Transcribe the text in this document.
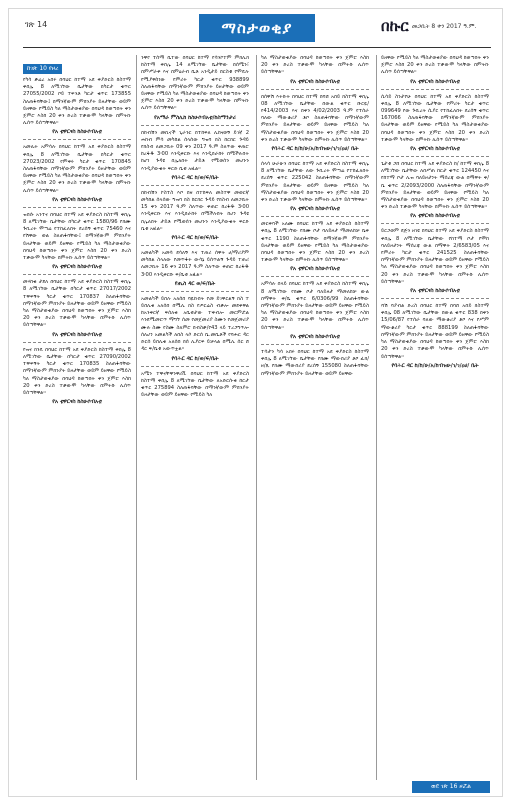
ገጽ 14	ማስታወቂያ	በኩር መጋቢት 8 ቀን 2017 ዓ.ም.
ከገጽ 10 የዞረ

የካሳ ቃሬረ አበሩ በባህር ከተማ አደ ቀያድርስ ከስተማ ቀበሌ 8 ለሚገኘው ቤታቸው በካርታ ቁጥር 27055/2002 ቦይ ተፍንቶ ካርታ ቁጥር 173855 ስለጠፋባቸው፤ በማንኛውም ምክንያት ይዞታቸው ወይም ይዘዋው የሚይስ ካለ ማስታወቂያው በባህዳ ከወጣበት ቀን ጀምሮ እስከ 20 ቀን ድረስ ተቃውሞ ካላቸው በምትኩ ሊሰጥ ይሰጣቸዋል፡፡

የአ ቲዋርናስ ከስሁሶብአቲ

አመሊት አምሳሉ በባህር ከተማ አደ ቀያድርስ ከስተማ ቀበሌ 8 ለሚገኘው ቤታቸው በካርታ ቁጥር 27023/2002 የምቀሩ ካርታ ቁጥር 170845 ስለጠፋባቸው በማንኛውም ምክንያት ይዞታቸው ወይም ይዘዋው የሚይስ ካለ ማስታወቂያው በባህዳ ከወጣበት ቀን ጀምሮ እስከ 20 ቀን ድረስ ተቃውሞ ካላቸው በምትኩ ሊሰጥ ይሰጣቸዋል፡፡

የአ ቲዋርናስ ከስሁሶብአቲ

ዝበሱ አንተና በባህር ከተማ አደ ቀያድርስ ከስተማ ቀበሌ 8 ለሚገኘው ቤታቸው በካርታ ቁጥር 1580/96 የክሙ ጉቢረት ሞጣሬ የተከፈለበት ደረሰኝ ቁጥር 75460 እና የሽዋው ወል ስለጠፋባቸው፤ በማንኛውም ምክንያት ይዞታቸው ወይም ይዘዋው የሚይስ ካለ ማስታወቂያው በባህዳ ከወጣበት ቀን ጀምሮ እስከ 20 ቀን ድረስ ተቃውሞ ካላቸው በምትኩ ሊሰጥ ይሰጣቸዋል፡፡

የአ ቲዋርናስ ከስሁሶብአቲ

መሃበቁ ታደለ በባህር ከተማ አደ ቀያድርስ ከስተማ ቀበሌ 8 ለሚገኘው ቤታቸው በካርታ ቁጥር 27017/2002 ተዋፍኝት ካርታ ቁጥር 170837 ስለጠፋባቸው በማንኛውም ምክንያት ይዞታቸው ወይም ይዘዋው የሚይስ ካለ ማስታወቂያው በባህዳ ከወጣበት ቀን ጀምሮ እስከ 20 ቀን ድረስ ተቃውሞ ካላቸው በምትኩ ሊሰጥ ይሰጣቸዋል፡፡

የአ ቲዋርናስ ከስሁሶብአቲ

የዝና ክንዴ በባህር ከተማ አደ ቀያድርስ ከስተማ ቀበሌ 8 ለሚገኘው ቤታቸው በካርታ ቁጥር 27090/2002 ተዋፍኝት ካርታ ቁጥር 170835 ስለጠፋባቸው በማንኛውም ምክንያት ይዞታቸው ወይም ይዘዋው የሚይስ ካለ ማስታወቂያው በባህዳ ከወጣበት ቀን ጀምሮ እስከ 20 ቀን ድረስ ተቃውሞ ካላቸው በምትኩ ሊሰጥ ይሰጣቸዋል፡፡

የአ ቲዋርናስ ከስሁሶብአቲ

ንዋየ ተሰማ ቤተው በባህር ከተማ የሳንኮተም ምክሊክ ከስተማ ቀበሌ 14 ለሚገኘው ቤታቸው በሰሜን፣ በምሥራቅ እና በምዕራብ ቤቶ አንዲታይ በርስቱ የሞዴሉ የሚያዋስነው የምሪት ካርታ ቁጥር 938899 ስለጠፋባቸው በማንኛውም ምክንያት ይዞታቸው ወይም ይዘዋው የሚይስ ካለ ማስታወቂያው በባህዳ ከወጣበት ቀን ጀምሮ እስከ 20 ቀን ድረስ ተቃውሞ ካላቸው በምትኩ ሊሰጥ ይሰጣቸዋል፡፡

የአማራ ምስሊከ ከስሁሶብአቲ/ከስማንታሪ

በከብሽን መኪኖች ጊራንር በተከፍለ ሊከናወኝ ይገኛ 2 ሐከብ ምሳ መካከል ሰላሰው ግዝባ ክስ ከርክር ጉዳይ የክስብ ለመጋቢት 09 ቀን 2017 ዓ.ም ስለጥው ቀጠሮ ከረፋዱ 3፡00 እንዲቀርቡ እና እንዲክራከሩ በሚችሉበት ከሆነ ጉዳዩ በሌለበት ታይቶ የሚወሰን መሆኑን እንዲያውቁት ፍርድ ቤቱ አዟል፡፡

የባሕር ዳር ከ/ወ/ፍ/ቤት

በከብሽን ኮስተስ እቦ በዛ በተከፍለ መስተዋ መወርኛ መካከል ሰላሰው ግዝባ ክስ ከርክር ጉዳይ የክስብ ለመጋቢት 15 ቀን 2017 ዓ.ም ስለጥው ቀጠሮ ከረፋዱ 3፡00 እንዲቀርቡ እና እንዲክራከሩ በሚችሉበት ከሆነ ጉዳዩ በሌለበት ታይቶ የሚወሰን መሆኑን እንዲያውቁት ፍርድ ቤቱ አዟል፡፡

የባሕር ዳር ከ/ወ/ፍ/ቤት

አመልካች አመሳ ደሳለኝ እና ተጠሪ ሰዋት ሀ/ማሪያም መካከል ስላለው የመጥፋት ውሳኔ ይሰጥልኝ ጉዳይ ተጠሪ ለመጋቢት 16 ቀን 2017 ዓ.ም ስለጥው ቀጠሮ ከረፋዱ 3፡00 እንዲቀርቡ ፍ/ቤቱ አዟል፡፡

የጢስ ዳር ወ/ፍ/ቤት

አመልካች ይበሉ አለሰበ ባዬኩበት የመ ይገዋርልኝ ክስ ተ ይበሊቂ አለሰበ በሚሊ ክስ የጦርሬስ ብቃሎ መደቀዋል ከአንቀርኛ ፍሰለቂ አቤቱታው ተቀብሎ መርምሯል እንደሚመሮጥ ማግኘ ሰመ የመጀመሪያ ስሙን የመጀመሪያ ሙሉ ስሙ የስሙ ስለምሮ በብስቃ/የ43 ላይ ተረጋግጥሎ ሰለሆነ አመልካች ለበስ ላሶ ድርሰ ቤ.መቤቶች የባሕር ዳር ድርሰ ይበሊቂ አለሰበ ክሰ ሊያርፍ ይቻላል በሚሊ ሰር ሸ ዳር ፍ/ቤቱ አውጥቷል፡፡

የባሕር ዳር ከ/ወ/ፍ/ቤት

አሜን ተዋናቸዋንዋሪቪ በባህር ከተማ አደ ቀያድርስ ከስተማ ቀበሌ 8 ለሚገኘው ቤታቸው ለአድርሱቂ ከርታ ቁጥር 275894 ስለጠፋባቸው በማንኛውም ምክንያት ይዞታቸው ወይም ይዘዋው የሚይስ ካለ

ካለ ማስታወቂያው በባህዳ ከወጣበት ቀን ጀምሮ እስከ 20 ቀን ድረስ ተቃውሞ ካላቸው በምትኩ ሊሰጥ ይሰጣቸዋል፡፡

የአ ቲዋርናስ ከስሁሶብአቲ

በሰዋሽ እትኩት በባህር ከተማ በባሸ አበይ ክስተማ ቀበሌ 08 ለሚገኘው ቤታቸው በውል ቁጥር ሹርዬ/የ414/2003 እና በቀን 4/02/2003 ዓ.ም የተሰራ ባለው ማውቆሪያ ቶቦ ስለጠፋባቸው በማንኛውም ምክንያት ይዞታቸው ወይም ይዘዋው የሚይስ ካለ ማስታወቂያው በባህዳ ከወጣበት ቀን ጀምሮ እስከ 20 ቀን ድረስ ተቃውሞ ካላቸው በምትኩ ሊሰጥ ይሰጣቸዋል፡፡

የባሕር ዳር ከ/ከ/ሁ/አ/ከብዝሁ/ገ/ገ/ዐሀ/ ቤት

ሰላሳ ሁራሁን በባህር ከተማ አደ ቀያድርስ ከስተማ ቀበሌ 8 ለሚገኘው ቤታቸው ለው ጉቢረት ሞጣሬ የተከፈለበት ደረሰኝ ቁጥር 225042 ስለጠፋባቸው በማንኛውም ምክንያት ይዞታቸው ወይም ይዘዋው የሚይስ ካለ ማስታወቂያው በባህዳ ከወጣበት ቀን ጀምሮ እስከ 20 ቀን ድረስ ተቃውሞ ካላቸው በምትኩ ሊሰጥ ይሰጣቸዋል፡፡

የአ ቲዋርናስ ከስሁሶብአቲ

መርቀባች አለሙ በባህር ከተማ አደ ቀያድርስ ከስተማ ቀበሌ 8 ለሚገኘው የክሙ ቦታ ባለይዞታ ማመለከቻ ቤቀ ቁጥር 1190 ስለጠፋባቸው በማንኛውም ምክንያት ይዞታቸው ወይም ይዘዋው የሚይስ ካለ ማስታወቂያው በባህዳ ከወጣበት ቀን ጀምሮ እስከ 20 ቀን ድረስ ተቃውሞ ካላቸው በምትኩ ሊሰጥ ይሰጣቸዋል፡፡

የአ ቲዋርናስ ከስሁሶብአቲ

አምሳሉ በላይ በባህር ከተማ አደ ቀያድርስ ከስተማ ቀበሌ 8 ለሚገኘው የክሙ ቦታ ባለይዞታ ማመለከቻ ውል በማዋት ቀ/ቤ ቁጥር 6/0306/99 ስለጠፋባቸው በማንኛውም ምክንያት ይዞታቸው ወይም ይዘዋው የሚይስ ካለ ማስታወቂያው በባህዳ ከወጣበት ቀን ጀምሮ እስከ 20 ቀን ድረስ ተቃውሞ ካላቸው በምትኩ ሊሰጥ ይሰጣቸዋል፡፡

የአ ቲዋርናስ ከስሁሶብአቲ

ተሳታን ካሳ አበሩ በባህር ከተማ አደ ቀያድርስ ከስተማ ቀበሌ 8 ለሚገኘው ቤታቸው የክሙ ማውበሪያ ቶቦ ፈክ/ዘ/ጹ የክሙ ማውበሪያ ደረሰኝ 155080 ስለጠፋባቸው በማንኛውም ምክንያት ይዞታቸው ወይም ይዘዋው

ይዘዋው የሚይስ ካለ ማስታወቂያው በባህዳ ከወጣበት ቀን ጀምሮ እስከ 20 ቀን ድረስ ተቃውሞ ካላቸው በምትኩ ሊሰጥ ይሰጣቸዋል፡፡

የአ ቲዋርናስ ከስሁሶብአቲ

ሲሳይ ስንታየሁ በባህር ከተማ አደ ቀያድርስ ከስተማ ቀበሌ 8 ለሚገኘው ቤታቸው የምሪት ካርታ ቁጥር 099649 የው ጉቢረት ሲያር የተከፈለበት ደረሰኝ ቁጥር 167066 ስለጠፋባቸው በማንኛውም ምክንያት ይዞታቸው ወይም ይዘዋው የሚይስ ካለ ማስታወቂያው በባህዳ ከወጣበት ቀን ጀምሮ እስከ 20 ቀን ድረስ ተቃውሞ ካላቸው በምትኩ ሊሰጥ ይሰጣቸዋል፡፡

የአ ቲዋርናስ ከስሁሶብአቲ

ጌታቱ ጋሸ በባህር ከተማ አደ ቀያድርስ ከ/ ከተማ ቀበሌ 8 ለሚገኘው ቤታቸው ለበሥጠ ከርታ ቁጥር 124450 እና የከተማ ቦታ ሊዝ ባለይዞታነት ማሰረጃ ውል በማዋት ቀ/ቤ ቁጥር 2/2093/2000 ስለጠፋባቸው በማንኛውም ምክንያት ይዞታቸው ወይም ይዘዋው የሚይስ ካለ ማስታወቂያው በባህዳ ከወጣበት ቀን ጀምሮ እስከ 20 ቀን ድረስ ተቃውሞ ካላቸው በምትኩ ሊሰጥ ይሰጣቸዋል፡፡

የአ ቲዋርናስ ከስሁሶብአቲ

ይርጋወም ደጅን ዘገዩ በባህር ከተማ አደ ቀያድርስ ከስተማ ቀበሌ 8 ለሚገኘው ቤታቸው የከተማ ቦታ የሞከ ባለይዞታነት ማሰረጃ ውል በማዋት 2/6583/05 እና የምሪት ካርታ ቁጥር 241525 ስለጠፋባቸው በማንኛውም ምክንያት ይዞታቸው ወይም ይዘዋው የሚይስ ካለ ማስታወቂያው በባህዳ ከወጣበት ቀን ጀምሮ እስከ 20 ቀን ድረስ ተቃውሞ ካላቸው በምትኩ ሊሰጥ ይሰጣቸዋል፡፡

የአ ቲዋርናስ ከስሁሶብአቲ

ሻሽ ባያብል ድረስ በባህር ከተማ በባሸ አበይ ክስተማ ቀበሌ 08 ለሚገኘው ቤታቸው በውል ቁጥር 838 በቀን 15/06/87 የተሰራ ባለው ማውቆሪያ ቶቦ እና የሥም ማውቆሪያ ካርታ ቁጥር 888199 ስለጠፋባቸው በማንኛውም ምክንያት ይዞታቸው ወይም ይዘዋው የሚይስ ካለ ማስታወቂያው በባህዳ ከወጣበት ቀን ጀምሮ እስከ 20 ቀን ድረስ ተቃውሞ ካላቸው በምትኩ ሊሰጥ ይሰጣቸዋል፡፡

የባሕር ዳር ከ/ከ/ሁ/አ/ከብዝሁ/ገ/ገ/ዐሀ/ ቤት
ወደ ገጽ 16 ዞሯል
